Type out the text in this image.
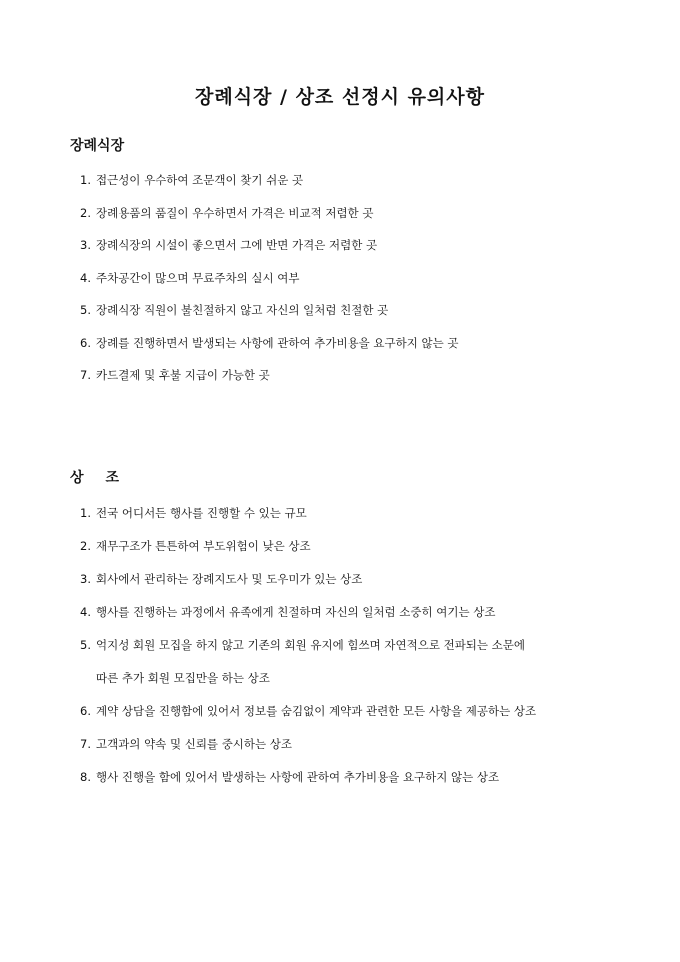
장례식장 / 상조 선정시 유의사항
장례식장
1. 접근성이 우수하여 조문객이 찾기 쉬운 곳
2. 장례용품의 품질이 우수하면서 가격은 비교적 저렴한 곳
3. 장례식장의 시설이 좋으면서 그에 반면 가격은 저렴한 곳
4. 주차공간이 많으며 무료주차의 실시 여부
5. 장례식장 직원이 불친절하지 않고 자신의 일처럼 친절한 곳
6. 장례를 진행하면서 발생되는 사항에 관하여 추가비용을 요구하지 않는 곳
7. 카드결제 및 후불 지급이 가능한 곳
상조
1. 전국 어디서든 행사를 진행할 수 있는 규모
2. 재무구조가 튼튼하여 부도위험이 낮은 상조
3. 회사에서 관리하는 장례지도사 및 도우미가 있는 상조
4. 행사를 진행하는 과정에서 유족에게 친절하며 자신의 일처럼 소중히 여기는 상조
5. 억지성 회원 모집을 하지 않고 기존의 회원 유지에 힘쓰며 자연적으로 전파되는 소문에
따른 추가 회원 모집만을 하는 상조
6. 계약 상담을 진행함에 있어서 정보를 숨김없이 계약과 관련한 모든 사항을 제공하는 상조
7. 고객과의 약속 및 신뢰를 중시하는 상조
8. 행사 진행을 함에 있어서 발생하는 사항에 관하여 추가비용을 요구하지 않는 상조
